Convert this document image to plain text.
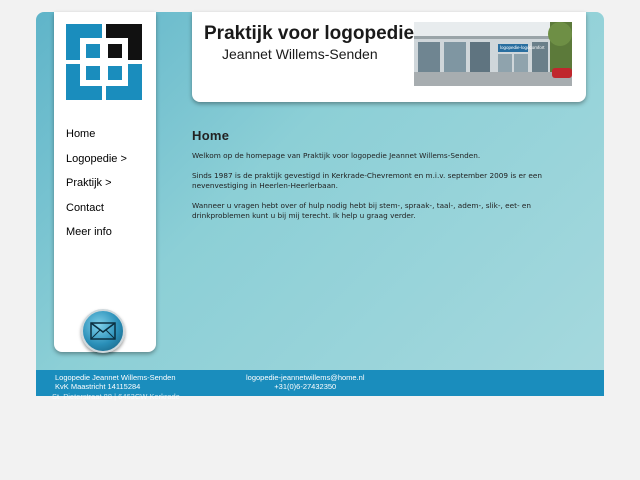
Home
Logopedie >
Praktijk >
Contact
Meer info
Praktijk voor logopedie
Jeannet Willems-Senden	logopedie-logocomfort
Home

Welkom op de homepage van Praktijk voor logopedie Jeannet Willems-Senden.

Sinds 1987 is de praktijk gevestigd in Kerkrade-Chevremont en m.i.v. september 2009 is er een nevenvestiging in Heerlen-Heerlerbaan.

Wanneer u vragen hebt over of hulp nodig hebt bij stem-, spraak-, taal-, adem-, slik-, eet- en drinkproblemen kunt u bij mij terecht. Ik help u graag verder.

Logopedie Jeannet Willems-Senden
KvK Maastricht 14115284
logopedie-jeannetwillems@home.nl
+31(0)6-27432350
St. Pieterstraat 88 | 6463CW Kerkrade
